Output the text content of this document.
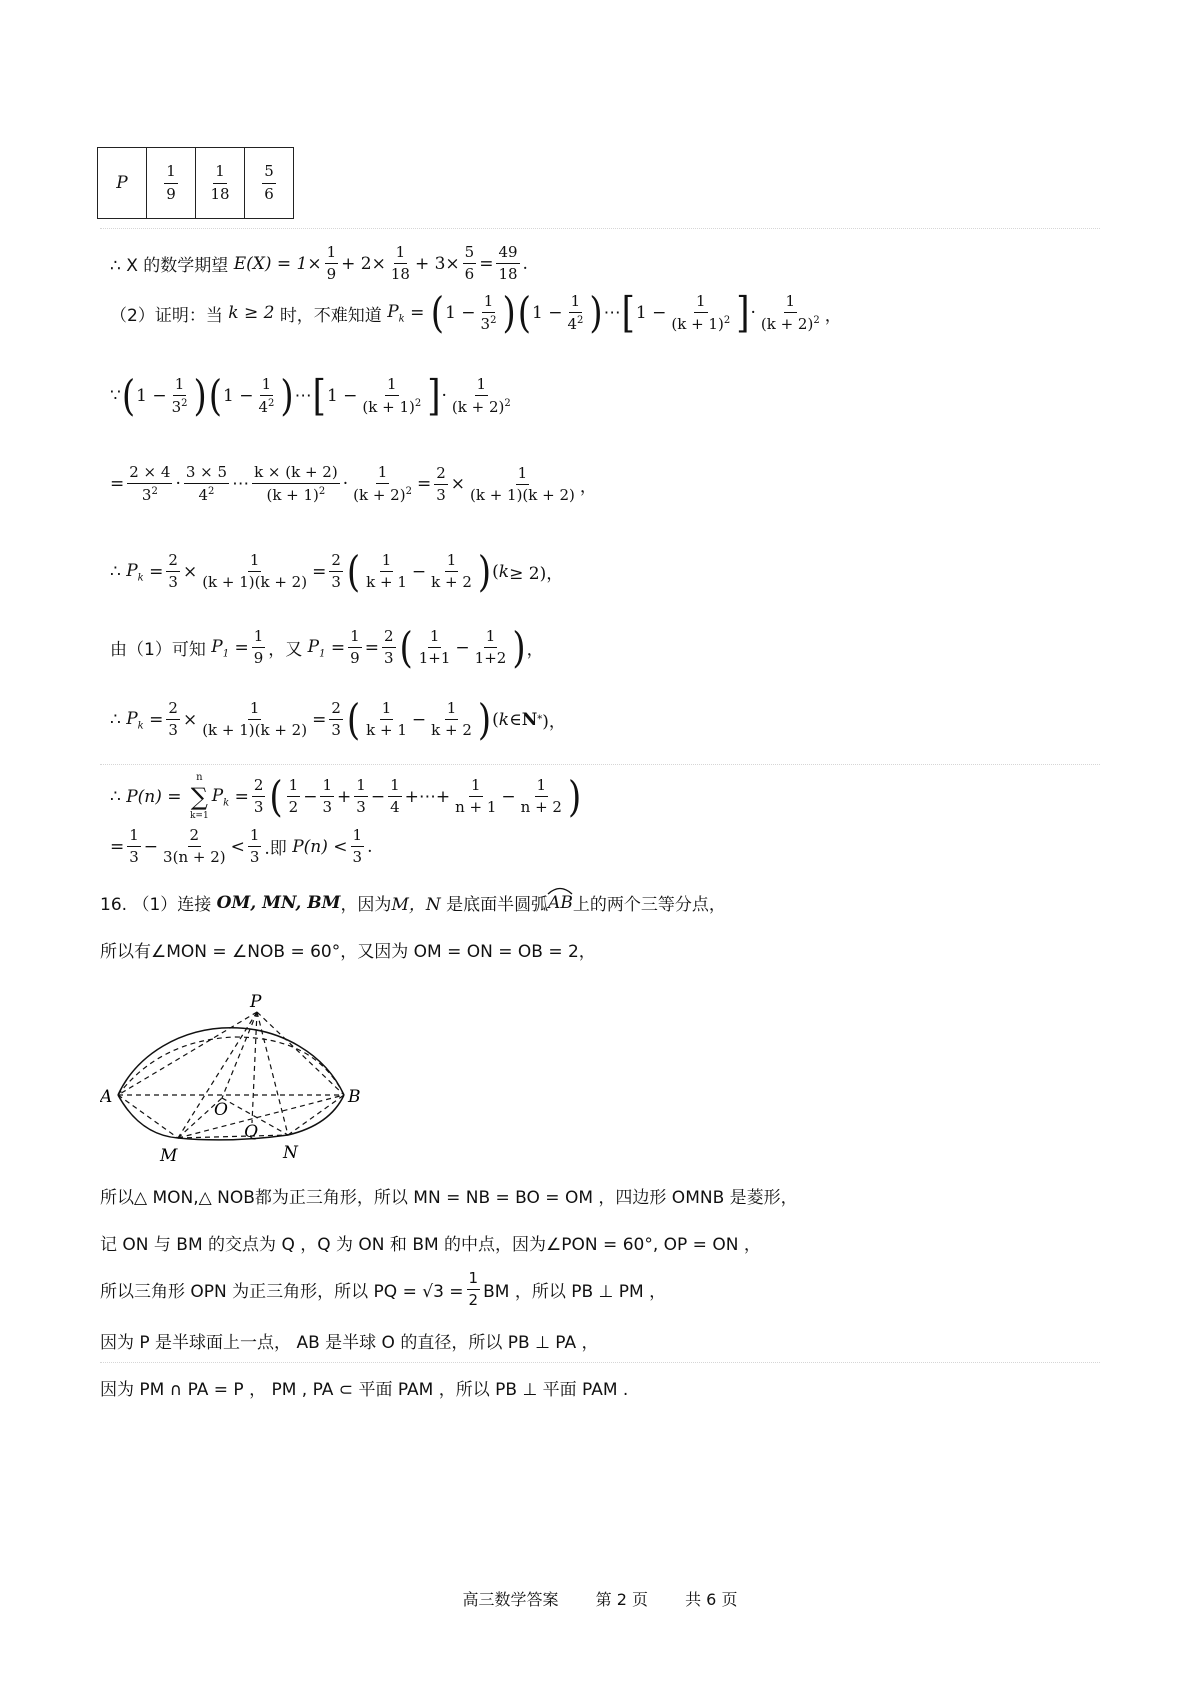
P	$\frac{1}{9}$	$\frac{1}{18}$	$\frac{5}{6}$
∴ X 的数学期望
$E(X) = 1\times \frac{1}{9} + 2\times \frac{1}{18} + 3\times \frac{5}{6} = \frac{49}{18}$ .
（2）证明：当
k ≥ 2
时，不难知道
$P_k$ = ( $1 - \frac{1}{3^2}$ ) ( $1 - \frac{1}{4^2}$ ) ⋯ [ $1 - \frac{1}{(k + 1)^2}$ ] · $\frac{1}{(k + 2)^2}$ ，
∵ ( $1 - \frac{1}{3^2}$ ) ( $1 - \frac{1}{4^2}$ ) ⋯ [ $1 - \frac{1}{(k + 1)^2}$ ] · $\frac{1}{(k + 2)^2}$
= $\frac{2 \times 4}{3^2} \cdot \frac{3 \times 5}{4^2}$ ⋯ $\frac{k \times (k + 2)}{(k + 1)^2} \cdot \frac{1}{(k + 2)^2} = \frac{2}{3} \times \frac{1}{(k + 1)(k + 2)}$ ，
∴ $P_k = \frac{2}{3} \times \frac{1}{(k + 1)(k + 2)} = \frac{2}{3}$ ( $\frac{1}{k + 1} - \frac{1}{k + 2}$ ) ( k ≥ 2)，
由（1）可知
$P_1 = \frac{1}{9}$ ， 又
$P_1 = \frac{1}{9} = \frac{2}{3}$ ( $\frac{1}{1+1} - \frac{1}{1+2}$ ) ，
∴ $P_k = \frac{2}{3} \times \frac{1}{(k + 1)(k + 2)} = \frac{2}{3}$ ( $\frac{1}{k + 1} - \frac{1}{k + 2}$ ) ( k ∈ N * )，
∴ P(n) =
n
∑
k=1
$P_k = \frac{2}{3}$ ( $\frac{1}{2} - \frac{1}{3} + \frac{1}{3} - \frac{1}{4}$ +⋯+ $\frac{1}{n + 1} - \frac{1}{n + 2}$ )
= $\frac{1}{3} - \frac{2}{3(n + 2)} < \frac{1}{3}$ .即 $P(n) < \frac{1}{3}$ .
16. （1）连接
OM, MN, BM ，因为 M，N
是底面半圆弧 AB 上的两个三等分点，
所以有∠MON = ∠NOB = 60°，又因为 OM = ON = OB = 2，
P
A	B
O
Q
M	N
所以△ MON,△ NOB都为正三角形，所以 MN = NB = BO = OM ，四边形 OMNB 是菱形，
记 ON 与 BM 的交点为 Q ，Q 为 ON 和 BM 的中点，因为∠PON = 60°, OP = ON ，
所以三角形 OPN 为正三角形，所以 PQ = $√3 = \frac{1}{2}$ BM ，所以 PB ⊥ PM ，
因为 P 是半球面上一点， AB 是半球 O 的直径，所以 PB ⊥ PA ，
因为 PM ∩ PA = P ， PM , PA ⊂ 平面 PAM ，所以 PB ⊥ 平面 PAM .
高三数学答案 第 2 页 共 6 页
